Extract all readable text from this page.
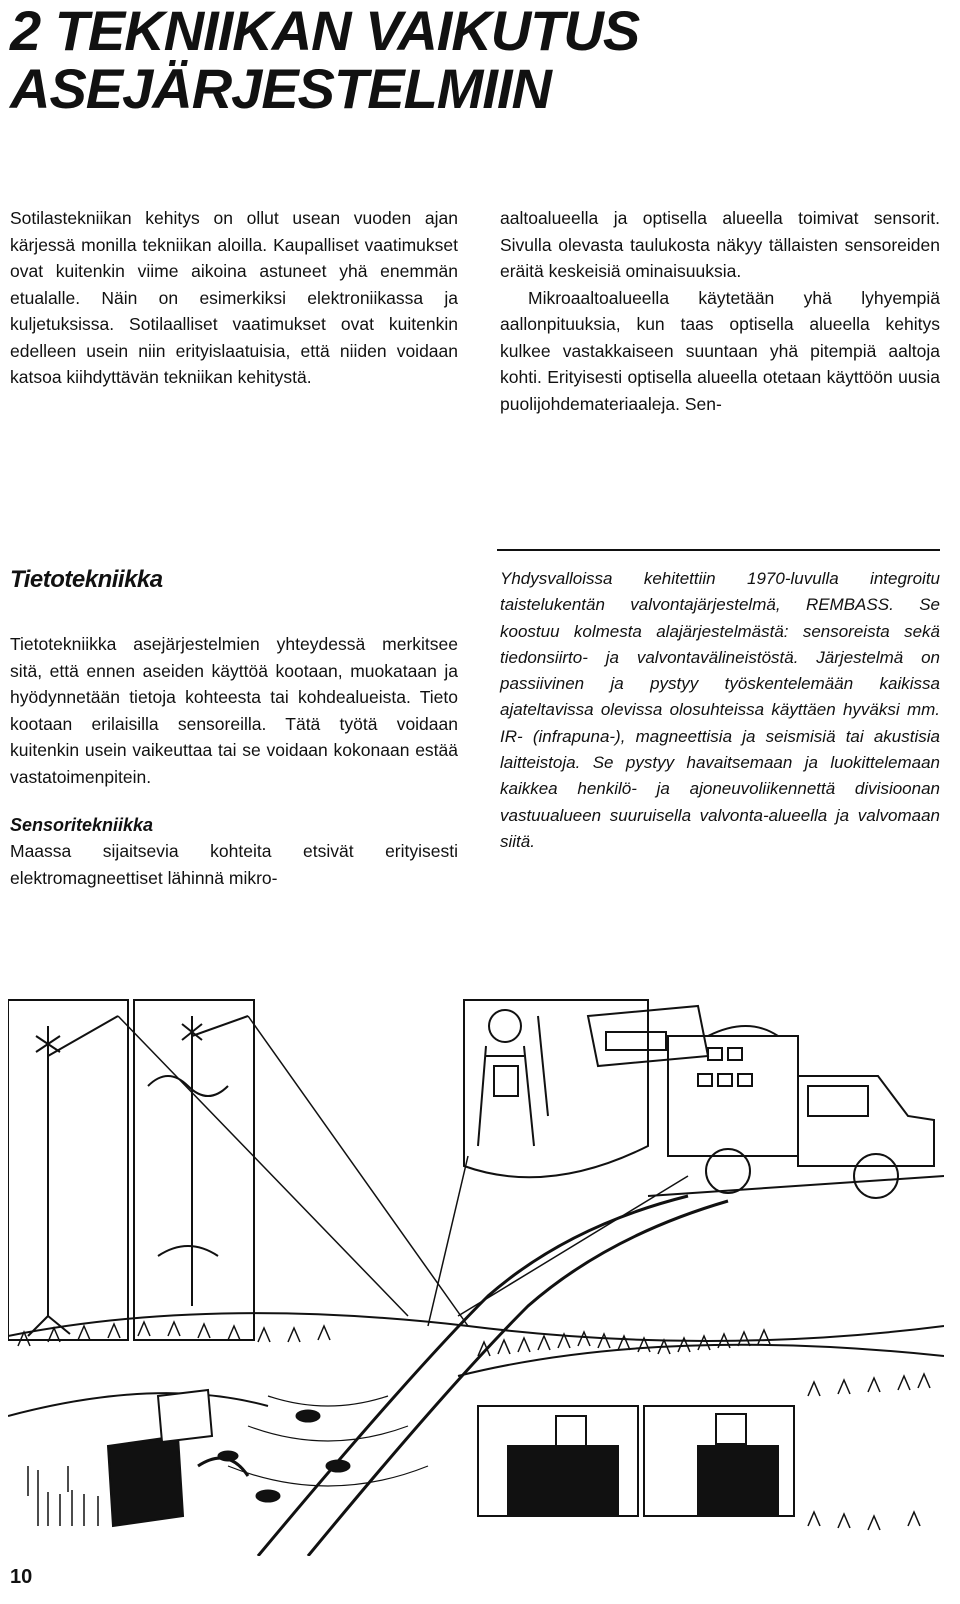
2 TEKNIIKAN VAIKUTUS
ASEJÄRJESTELMIIN

Sotilastekniikan kehitys on ollut usean vuoden ajan kärjessä monilla tekniikan aloilla. Kaupalliset vaatimukset ovat kuitenkin viime aikoina astuneet yhä enemmän etualalle. Näin on esimerkiksi elektroniikassa ja kuljetuksissa. Sotilaalliset vaatimukset ovat kuitenkin edelleen usein niin erityislaatuisia, että niiden voidaan katsoa kiihdyttävän tekniikan kehitystä.

aaltoalueella ja optisella alueella toimivat sensorit. Sivulla olevasta taulukosta näkyy tällaisten sensoreiden eräitä keskeisiä ominaisuuksia.

Mikroaaltoalueella käytetään yhä lyhyempiä aallonpituuksia, kun taas optisella alueella kehitys kulkee vastakkaiseen suuntaan yhä pitempiä aaltoja kohti. Erityisesti optisella alueella otetaan käyttöön uusia puolijohdemateriaaleja. Sen-

Tietotekniikka

Tietotekniikka asejärjestelmien yhteydessä merkitsee sitä, että ennen aseiden käyttöä kootaan, muokataan ja hyödynnetään tietoja kohteesta tai kohdealueista. Tieto kootaan erilaisilla sensoreilla. Tätä työtä voidaan kuitenkin usein vaikeuttaa tai se voidaan kokonaan estää vastatoimenpitein.

Sensoritekniikka

Maassa sijaitsevia kohteita etsivät erityisesti elektromagneettiset lähinnä mikro-

Yhdysvalloissa kehitettiin 1970-luvulla integroitu taistelukentän valvontajärjestelmä, REMBASS. Se koostuu kolmesta alajärjestelmästä: sensoreista sekä tiedonsiirto- ja valvontavälineistöstä. Järjestelmä on passiivinen ja pystyy työskentelemään kaikissa ajateltavissa olevissa olosuhteissa käyttäen hyväksi mm. IR- (infrapuna-), magneettisia ja seismisiä tai akustisia laitteistoja. Se pystyy havaitsemaan ja luokittelemaan kaikkea henkilö- ja ajoneuvoliikennettä divisioonan vastuualueen suuruisella valvonta-alueella ja valvomaan siitä.
10
